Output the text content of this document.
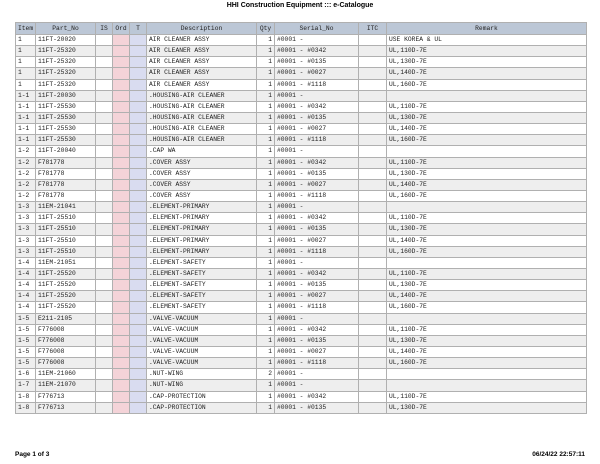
HHI Construction Equipment ::: e-Catalogue
Item	Part_No	IS	Ord	T	Description	Qty	Serial_No	ITC	Remark
1	11FT-20020				AIR CLEANER ASSY	1	#0001 -		USE KOREA & UL
1	11FT-25320				AIR CLEANER ASSY	1	#0001 - #0342		UL,110D-7E
1	11FT-25320				AIR CLEANER ASSY	1	#0001 - #0135		UL,130D-7E
1	11FT-25320				AIR CLEANER ASSY	1	#0001 - #0027		UL,140D-7E
1	11FT-25320				AIR CLEANER ASSY	1	#0001 - #1118		UL,160D-7E
1-1	11FT-20030				.HOUSING-AIR CLEANER	1	#0001 -		
1-1	11FT-25530				.HOUSING-AIR CLEANER	1	#0001 - #0342		UL,110D-7E
1-1	11FT-25530				.HOUSING-AIR CLEANER	1	#0001 - #0135		UL,130D-7E
1-1	11FT-25530				.HOUSING-AIR CLEANER	1	#0001 - #0027		UL,140D-7E
1-1	11FT-25530				.HOUSING-AIR CLEANER	1	#0001 - #1118		UL,160D-7E
1-2	11FT-20040				.CAP WA	1	#0001 -		
1-2	F781778				.COVER ASSY	1	#0001 - #0342		UL,110D-7E
1-2	F781778				.COVER ASSY	1	#0001 - #0135		UL,130D-7E
1-2	F781778				.COVER ASSY	1	#0001 - #0027		UL,140D-7E
1-2	F781778				.COVER ASSY	1	#0001 - #1118		UL,160D-7E
1-3	11EM-21041				.ELEMENT-PRIMARY	1	#0001 -		
1-3	11FT-25510				.ELEMENT-PRIMARY	1	#0001 - #0342		UL,110D-7E
1-3	11FT-25510				.ELEMENT-PRIMARY	1	#0001 - #0135		UL,130D-7E
1-3	11FT-25510				.ELEMENT-PRIMARY	1	#0001 - #0027		UL,140D-7E
1-3	11FT-25510				.ELEMENT-PRIMARY	1	#0001 - #1118		UL,160D-7E
1-4	11EM-21051				.ELEMENT-SAFETY	1	#0001 -		
1-4	11FT-25520				.ELEMENT-SAFETY	1	#0001 - #0342		UL,110D-7E
1-4	11FT-25520				.ELEMENT-SAFETY	1	#0001 - #0135		UL,130D-7E
1-4	11FT-25520				.ELEMENT-SAFETY	1	#0001 - #0027		UL,140D-7E
1-4	11FT-25520				.ELEMENT-SAFETY	1	#0001 - #1118		UL,160D-7E
1-5	E211-2105				.VALVE-VACUUM	1	#0001 -		
1-5	F776008				.VALVE-VACUUM	1	#0001 - #0342		UL,110D-7E
1-5	F776008				.VALVE-VACUUM	1	#0001 - #0135		UL,130D-7E
1-5	F776008				.VALVE-VACUUM	1	#0001 - #0027		UL,140D-7E
1-5	F776008				.VALVE-VACUUM	1	#0001 - #1118		UL,160D-7E
1-6	11EM-21060				.NUT-WING	2	#0001 -		
1-7	11EM-21070				.NUT-WING	1	#0001 -		
1-8	F776713				.CAP-PROTECTION	1	#0001 - #0342		UL,110D-7E
1-8	F776713				.CAP-PROTECTION	1	#0001 - #0135		UL,130D-7E
Page 1 of 3	06/24/22 22:57:11
